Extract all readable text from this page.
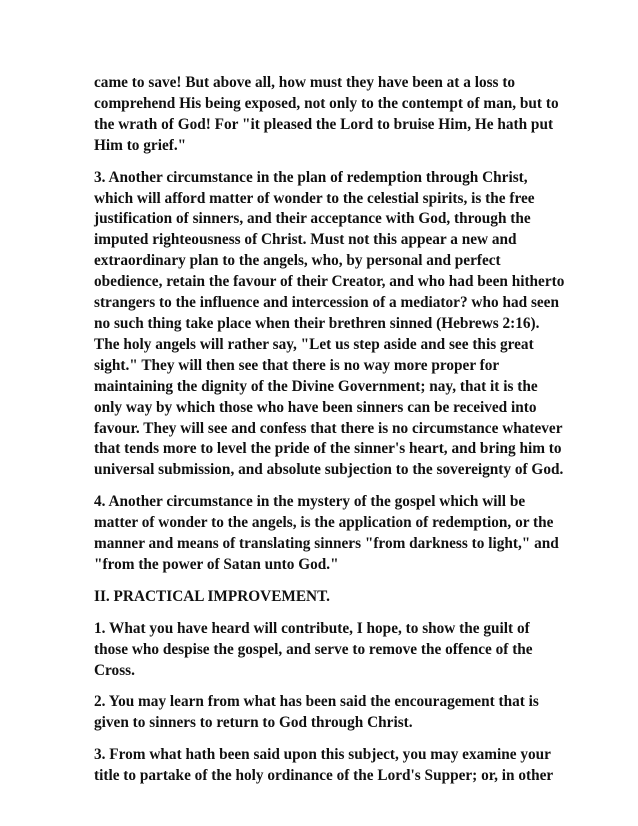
came to save! But above all, how must they have been at a loss to
comprehend His being exposed, not only to the contempt of man, but to
the wrath of God! For "it pleased the Lord to bruise Him, He hath put
Him to grief."

3. Another circumstance in the plan of redemption through Christ,
which will afford matter of wonder to the celestial spirits, is the free
justification of sinners, and their acceptance with God, through the
imputed righteousness of Christ. Must not this appear a new and
extraordinary plan to the angels, who, by personal and perfect
obedience, retain the favour of their Creator, and who had been hitherto
strangers to the influence and intercession of a mediator? who had seen
no such thing take place when their brethren sinned (Hebrews 2:16).
The holy angels will rather say, "Let us step aside and see this great
sight." They will then see that there is no way more proper for
maintaining the dignity of the Divine Government; nay, that it is the
only way by which those who have been sinners can be received into
favour. They will see and confess that there is no circumstance whatever
that tends more to level the pride of the sinner's heart, and bring him to
universal submission, and absolute subjection to the sovereignty of God.

4. Another circumstance in the mystery of the gospel which will be
matter of wonder to the angels, is the application of redemption, or the
manner and means of translating sinners "from darkness to light," and
"from the power of Satan unto God."

II. PRACTICAL IMPROVEMENT.

1. What you have heard will contribute, I hope, to show the guilt of
those who despise the gospel, and serve to remove the offence of the
Cross.

2. You may learn from what has been said the encouragement that is
given to sinners to return to God through Christ.

3. From what hath been said upon this subject, you may examine your
title to partake of the holy ordinance of the Lord's Supper; or, in other
